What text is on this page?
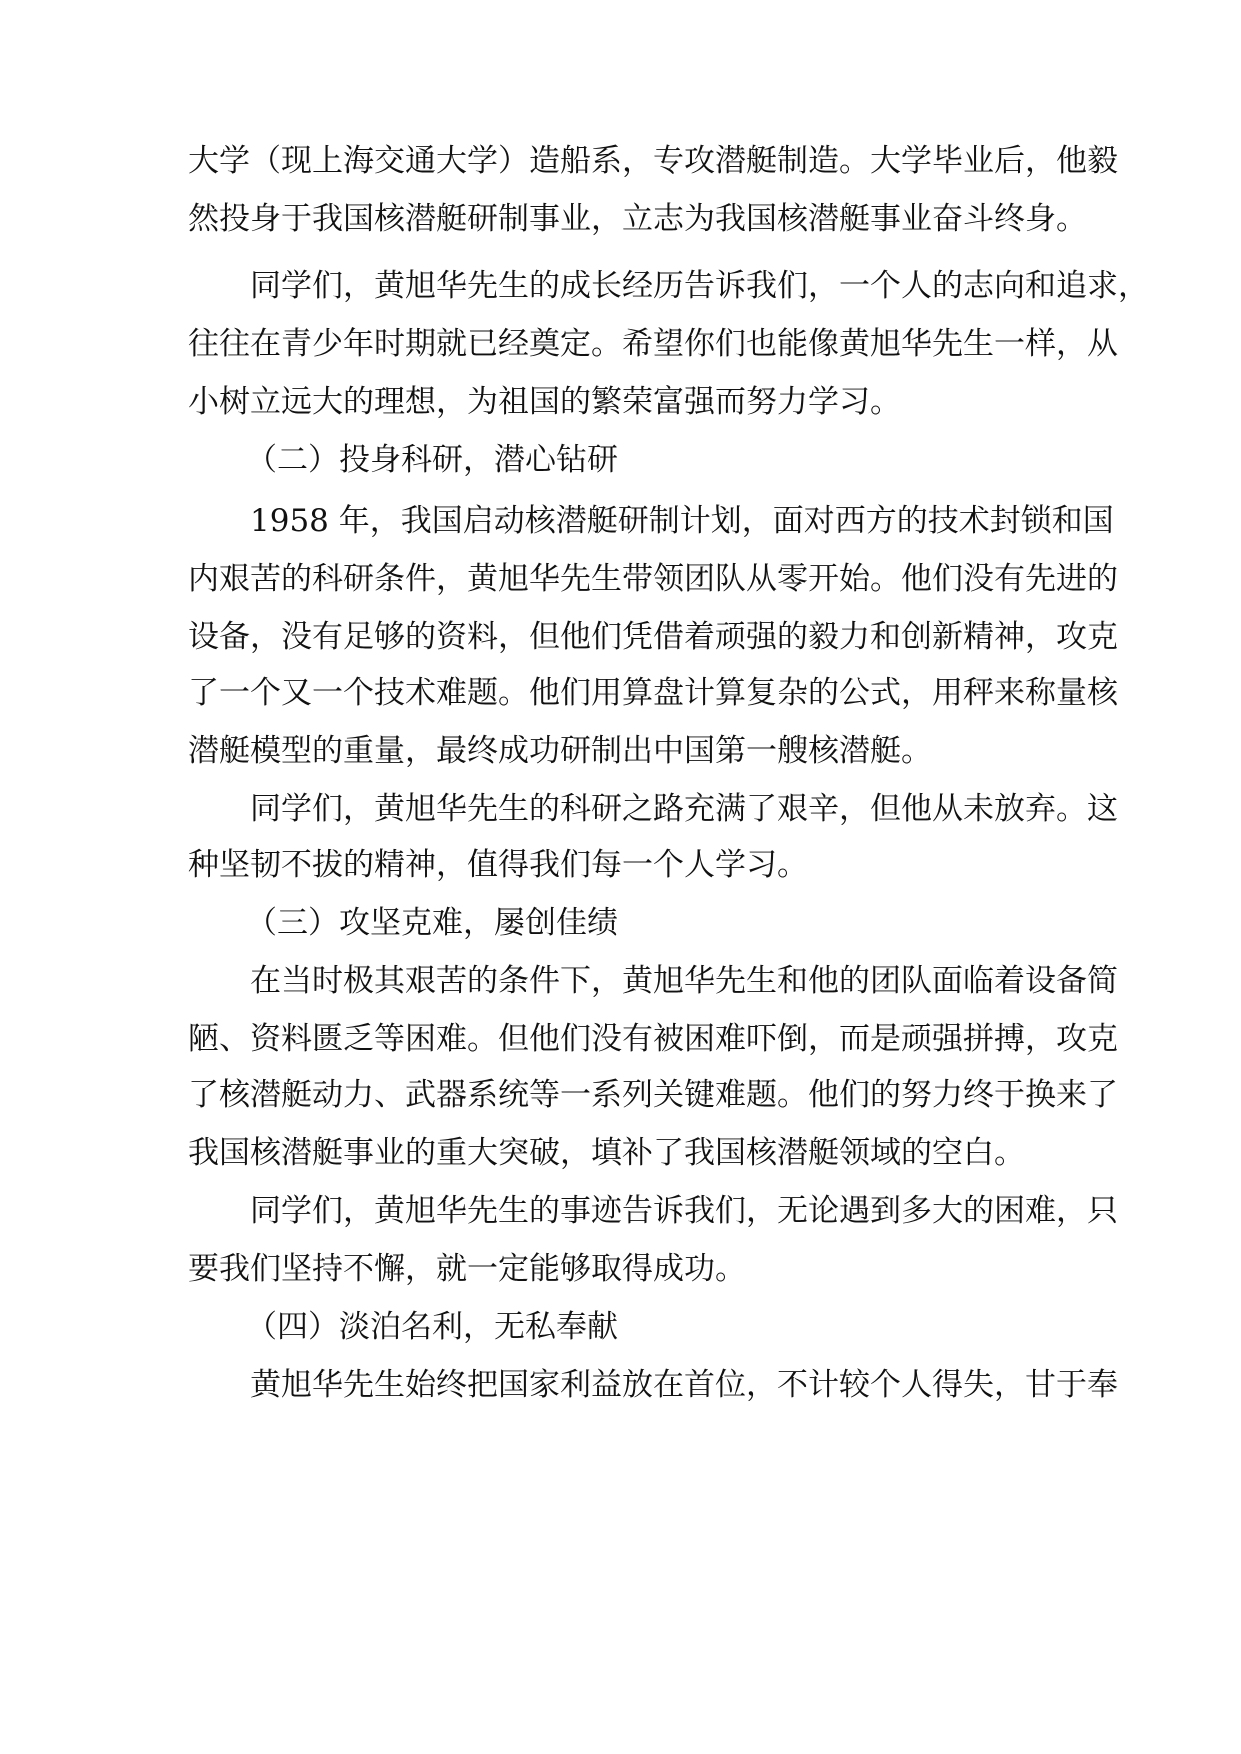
大学（现上海交通大学）造船系，专攻潜艇制造。大学毕业后，他毅
然投身于我国核潜艇研制事业，立志为我国核潜艇事业奋斗终身。
同学们，黄旭华先生的成长经历告诉我们，一个人的志向和追求，
往往在青少年时期就已经奠定。希望你们也能像黄旭华先生一样，从
小树立远大的理想，为祖国的繁荣富强而努力学习。
（二）投身科研，潜心钻研
1958 年，我国启动核潜艇研制计划，面对西方的技术封锁和国
内艰苦的科研条件，黄旭华先生带领团队从零开始。他们没有先进的
设备，没有足够的资料，但他们凭借着顽强的毅力和创新精神，攻克
了一个又一个技术难题。他们用算盘计算复杂的公式，用秤来称量核
潜艇模型的重量，最终成功研制出中国第一艘核潜艇。
同学们，黄旭华先生的科研之路充满了艰辛，但他从未放弃。这
种坚韧不拔的精神，值得我们每一个人学习。
（三）攻坚克难，屡创佳绩
在当时极其艰苦的条件下，黄旭华先生和他的团队面临着设备简
陋、资料匮乏等困难。但他们没有被困难吓倒，而是顽强拼搏，攻克
了核潜艇动力、武器系统等一系列关键难题。他们的努力终于换来了
我国核潜艇事业的重大突破，填补了我国核潜艇领域的空白。
同学们，黄旭华先生的事迹告诉我们，无论遇到多大的困难，只
要我们坚持不懈，就一定能够取得成功。
（四）淡泊名利，无私奉献
黄旭华先生始终把国家利益放在首位，不计较个人得失，甘于奉
